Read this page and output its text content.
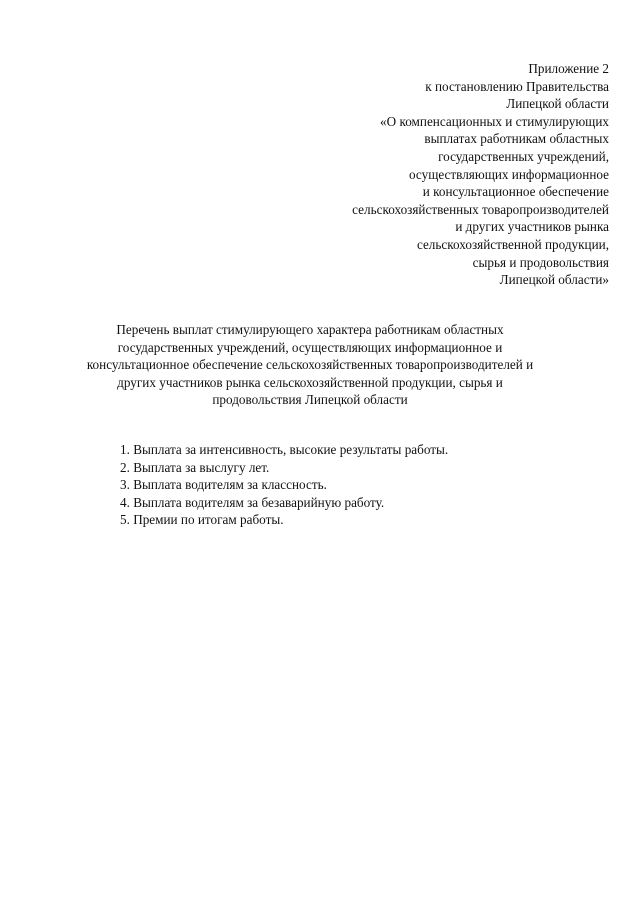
Приложение 2
к постановлению Правительства
Липецкой области
«О компенсационных и стимулирующих
выплатах работникам областных
государственных учреждений,
осуществляющих информационное
и консультационное обеспечение
сельскохозяйственных товаропроизводителей
и других участников рынка
сельскохозяйственной продукции,
сырья и продовольствия
Липецкой области»
Перечень выплат стимулирующего характера работникам областных
государственных учреждений, осуществляющих информационное и
консультационное обеспечение сельскохозяйственных товаропроизводителей и
других участников рынка сельскохозяйственной продукции, сырья и
продовольствия Липецкой области
1. Выплата за интенсивность, высокие результаты работы.
2. Выплата за выслугу лет.
3. Выплата водителям за классность.
4. Выплата водителям за безаварийную работу.
5. Премии по итогам работы.
